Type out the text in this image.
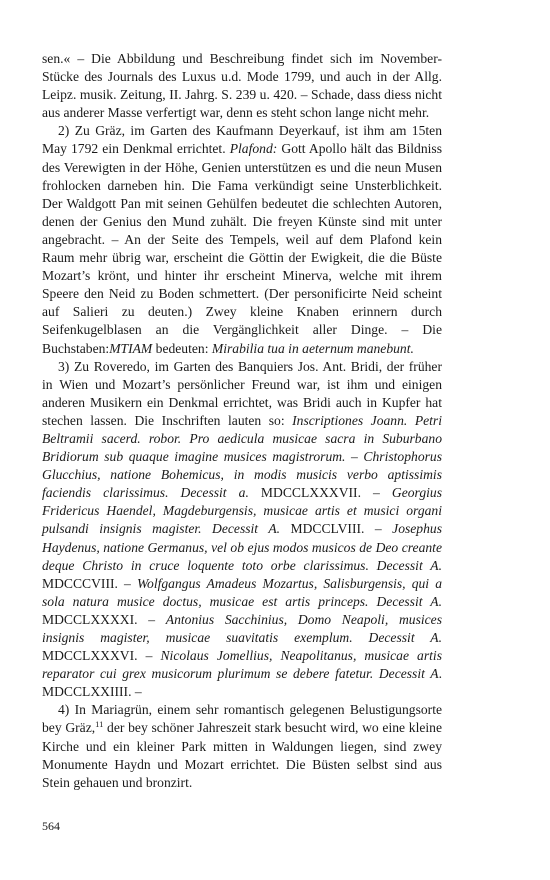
sen.« – Die Abbildung und Beschreibung findet sich im November-Stücke des Journals des Luxus u.d. Mode 1799, und auch in der Allg. Leipz. musik. Zeitung, II. Jahrg. S. 239 u. 420. – Schade, dass diess nicht aus anderer Masse verfertigt war, denn es steht schon lange nicht mehr.

2) Zu Gräz, im Garten des Kaufmann Deyerkauf, ist ihm am 15ten May 1792 ein Denkmal errichtet. Plafond: Gott Apollo hält das Bildniss des Verewigten in der Höhe, Genien unterstützen es und die neun Musen frohlocken darneben hin. Die Fama verkündigt seine Unsterblichkeit. Der Waldgott Pan mit seinen Gehülfen bedeutet die schlechten Autoren, denen der Genius den Mund zuhält. Die freyen Künste sind mit unter angebracht. – An der Seite des Tempels, weil auf dem Plafond kein Raum mehr übrig war, erscheint die Göttin der Ewigkeit, die die Büste Mozart’s krönt, und hinter ihr erscheint Minerva, welche mit ihrem Speere den Neid zu Boden schmettert. (Der personificirte Neid scheint auf Salieri zu deuten.) Zwey kleine Knaben erinnern durch Seifenkugelblasen an die Vergänglichkeit aller Dinge. – Die Buchstaben:MTIAM bedeuten: Mirabilia tua in aeternum manebunt.

3) Zu Roveredo, im Garten des Banquiers Jos. Ant. Bridi, der früher in Wien und Mozart’s persönlicher Freund war, ist ihm und einigen anderen Musikern ein Denkmal errichtet, was Bridi auch in Kupfer hat stechen lassen. Die Inschriften lauten so: Inscriptiones Joann. Petri Beltramii sacerd. robor. Pro aedicula musicae sacra in Suburbano Bridiorum sub quaque imagine musices magistrorum. – Christophorus Glucchius, natione Bohemicus, in modis musicis verbo aptissimis faciendis clarissimus. Decessit a. MDCCLXXXVII. – Georgius Fridericus Haendel, Magdeburgensis, musicae artis et musici organi pulsandi insignis magister. Decessit A. MDCCLVIII. – Josephus Haydenus, natione Germanus, vel ob ejus modos musicos de Deo creante deque Christo in cruce loquente toto orbe clarissimus. Decessit A. MDCCCVIII. – Wolfgangus Amadeus Mozartus, Salisburgensis, qui a sola natura musice doctus, musicae est artis princeps. Decessit A. MDCCLXXXXI. – Antonius Sacchinius, Domo Neapoli, musices insignis magister, musicae suavitatis exemplum. Decessit A. MDCCLXXXVI. – Nicolaus Jomellius, Neapolitanus, musicae artis reparator cui grex musicorum plurimum se debere fatetur. Decessit A. MDCCLXXIIII. –

4) In Mariagrün, einem sehr romantisch gelegenen Belustigungsorte bey Gräz,$^{11}$ der bey schöner Jahreszeit stark besucht wird, wo eine kleine Kirche und ein kleiner Park mitten in Waldungen liegen, sind zwey Monumente Haydn und Mozart errichtet. Die Büsten selbst sind aus Stein gehauen und bronzirt.

564
